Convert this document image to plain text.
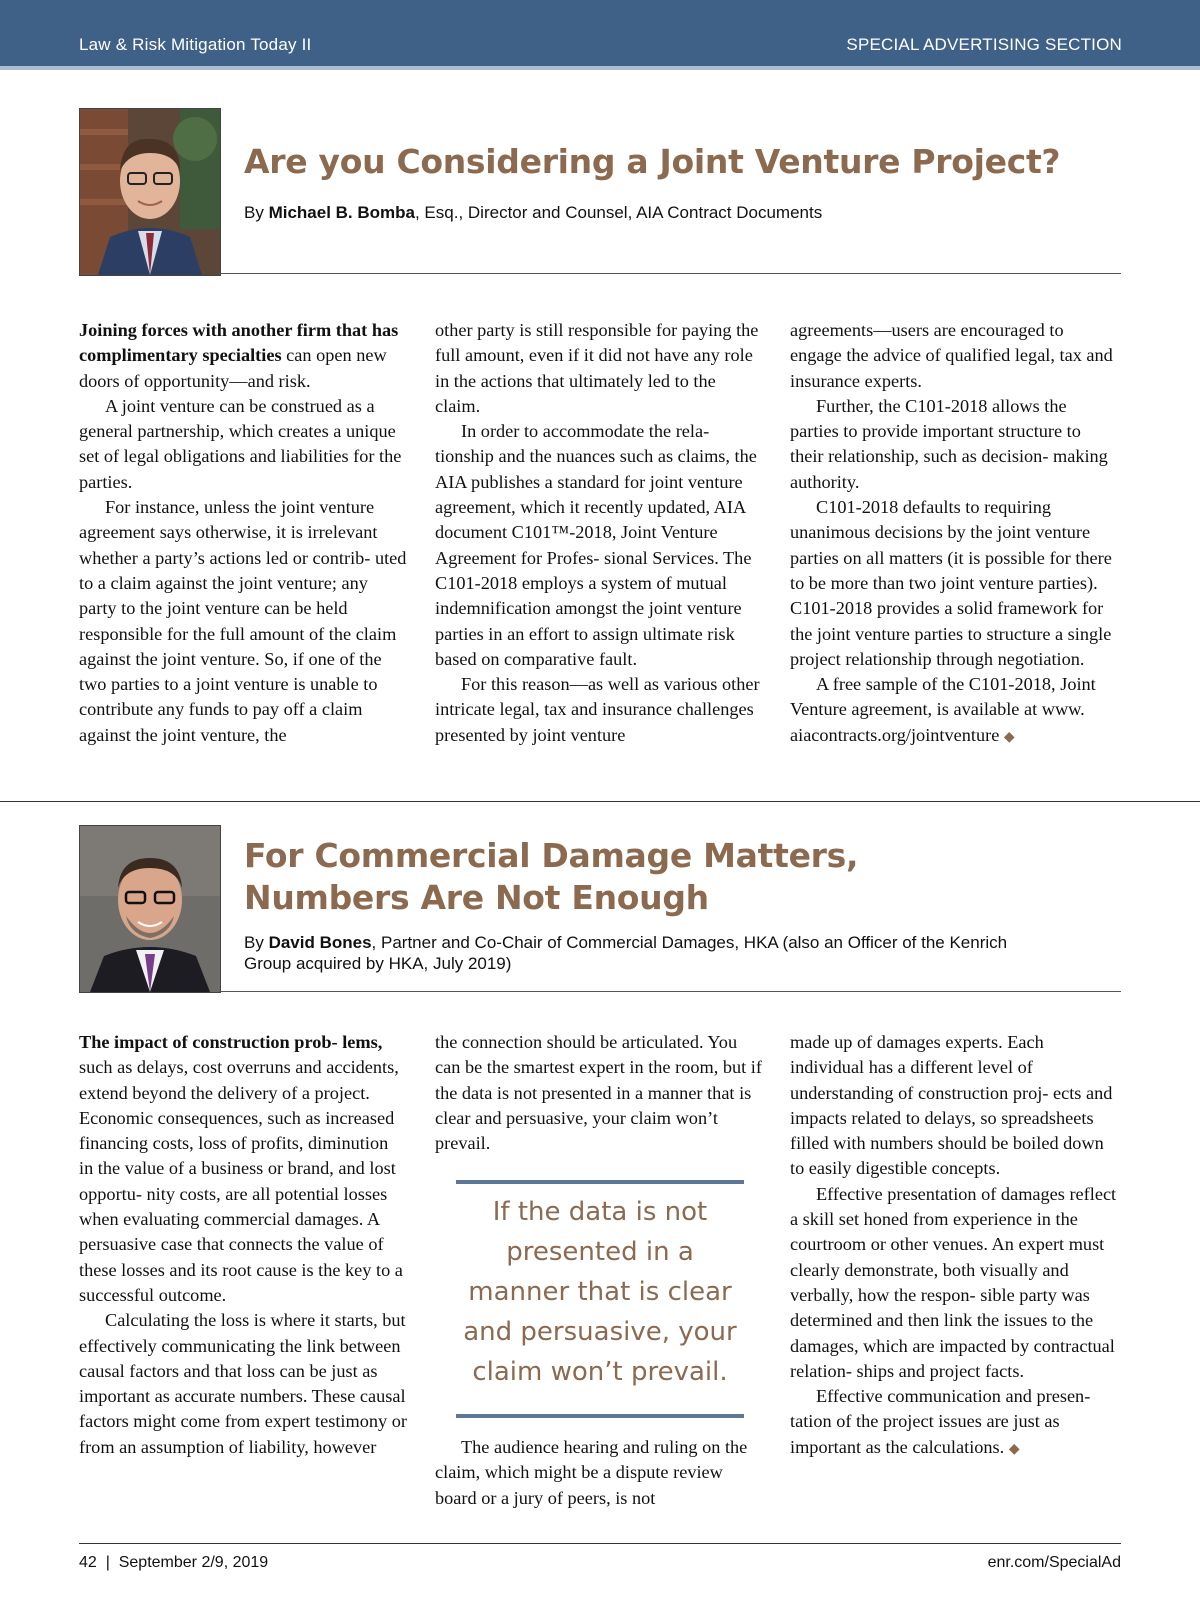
Law & Risk Mitigation Today II	SPECIAL ADVERTISING SECTION
Are you Considering a Joint Venture Project?
By Michael B. Bomba, Esq., Director and Counsel, AIA Contract Documents

Joining forces with another firm that has complimentary specialties can open new doors of opportunity—and risk.

A joint venture can be construed as a general partnership, which creates a unique set of legal obligations and liabilities for the parties.

For instance, unless the joint venture agreement says otherwise, it is irrelevant whether a party’s actions led or contrib- uted to a claim against the joint venture; any party to the joint venture can be held responsible for the full amount of the claim against the joint venture. So, if one of the two parties to a joint venture is unable to contribute any funds to pay off a claim against the joint venture, the

other party is still responsible for paying the full amount, even if it did not have any role in the actions that ultimately led to the claim.

In order to accommodate the rela- tionship and the nuances such as claims, the AIA publishes a standard for joint venture agreement, which it recently updated, AIA document C101™-2018, Joint Venture Agreement for Profes- sional Services. The C101-2018 employs a system of mutual indemnification amongst the joint venture parties in an effort to assign ultimate risk based on comparative fault.

For this reason—as well as various other intricate legal, tax and insurance challenges presented by joint venture

agreements—users are encouraged to engage the advice of qualified legal, tax and insurance experts.

Further, the C101-2018 allows the parties to provide important structure to their relationship, such as decision- making authority.

C101-2018 defaults to requiring unanimous decisions by the joint venture parties on all matters (it is possible for there to be more than two joint venture parties). C101-2018 provides a solid framework for the joint venture parties to structure a single project relationship through negotiation.

A free sample of the C101-2018, Joint Venture agreement, is available at www. aiacontracts.org/jointventure ◆

For Commercial Damage Matters,
Numbers Are Not Enough
By David Bones, Partner and Co-Chair of Commercial Damages, HKA (also an Officer of the Kenrich Group acquired by HKA, July 2019)

The impact of construction prob- lems, such as delays, cost overruns and accidents, extend beyond the delivery of a project. Economic consequences, such as increased financing costs, loss of profits, diminution in the value of a business or brand, and lost opportu- nity costs, are all potential losses when evaluating commercial damages. A persuasive case that connects the value of these losses and its root cause is the key to a successful outcome.

Calculating the loss is where it starts, but effectively communicating the link between causal factors and that loss can be just as important as accurate numbers. These causal factors might come from expert testimony or from an assumption of liability, however

the connection should be articulated. You can be the smartest expert in the room, but if the data is not presented in a manner that is clear and persuasive, your claim won’t prevail.

If the data is not presented in a manner that is clear and persuasive, your claim won’t prevail.

The audience hearing and ruling on the claim, which might be a dispute review board or a jury of peers, is not

made up of damages experts. Each individual has a different level of understanding of construction proj- ects and impacts related to delays, so spreadsheets filled with numbers should be boiled down to easily digestible concepts.

Effective presentation of damages reflect a skill set honed from experience in the courtroom or other venues. An expert must clearly demonstrate, both visually and verbally, how the respon- sible party was determined and then link the issues to the damages, which are impacted by contractual relation- ships and project facts.

Effective communication and presen- tation of the project issues are just as important as the calculations. ◆

42  |  September 2/9, 2019	enr.com/SpecialAd
